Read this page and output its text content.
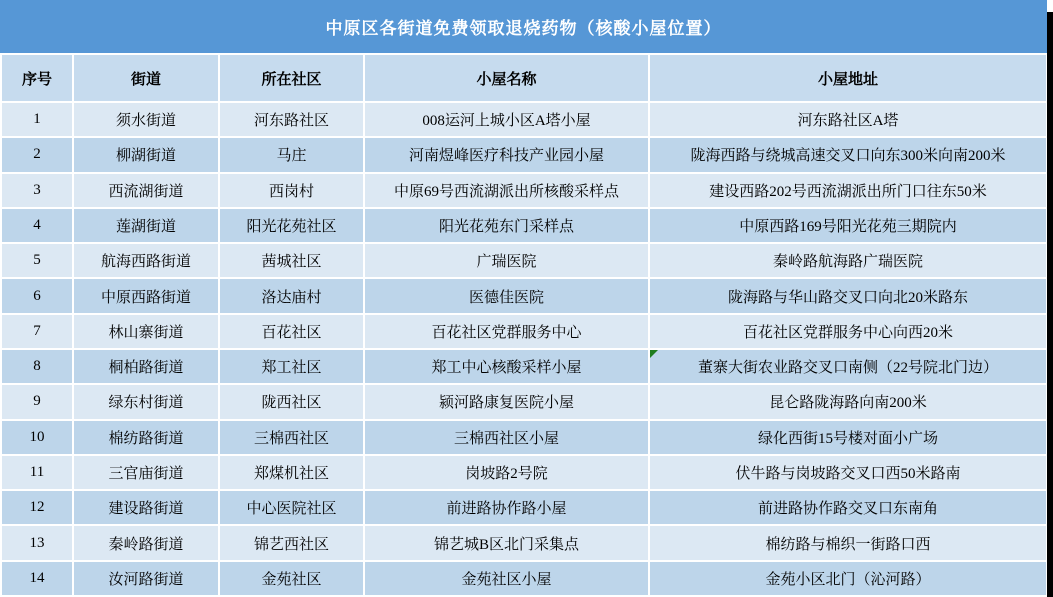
中原区各街道免费领取退烧药物（核酸小屋位置）
序号	街道	所在社区	小屋名称	小屋地址
1	须水街道	河东路社区	008运河上城小区A塔小屋	河东路社区A塔
2	柳湖街道	马庄	河南煜峰医疗科技产业园小屋	陇海西路与绕城高速交叉口向东300米向南200米
3	西流湖街道	西岗村	中原69号西流湖派出所核酸采样点	建设西路202号西流湖派出所门口往东50米
4	莲湖街道	阳光花苑社区	阳光花苑东门采样点	中原西路169号阳光花苑三期院内
5	航海西路街道	茜城社区	广瑞医院	秦岭路航海路广瑞医院
6	中原西路街道	洛达庙村	医德佳医院	陇海路与华山路交叉口向北20米路东
7	林山寨街道	百花社区	百花社区党群服务中心	百花社区党群服务中心向西20米
8	桐柏路街道	郑工社区	郑工中心核酸采样小屋	董寨大街农业路交叉口南侧（22号院北门边）
9	绿东村街道	陇西社区	颍河路康复医院小屋	昆仑路陇海路向南200米
10	棉纺路街道	三棉西社区	三棉西社区小屋	绿化西街15号楼对面小广场
11	三官庙街道	郑煤机社区	岗坡路2号院	伏牛路与岗坡路交叉口西50米路南
12	建设路街道	中心医院社区	前进路协作路小屋	前进路协作路交叉口东南角
13	秦岭路街道	锦艺西社区	锦艺城B区北门采集点	棉纺路与棉织一街路口西
14	汝河路街道	金苑社区	金苑社区小屋	金苑小区北门（沁河路）
